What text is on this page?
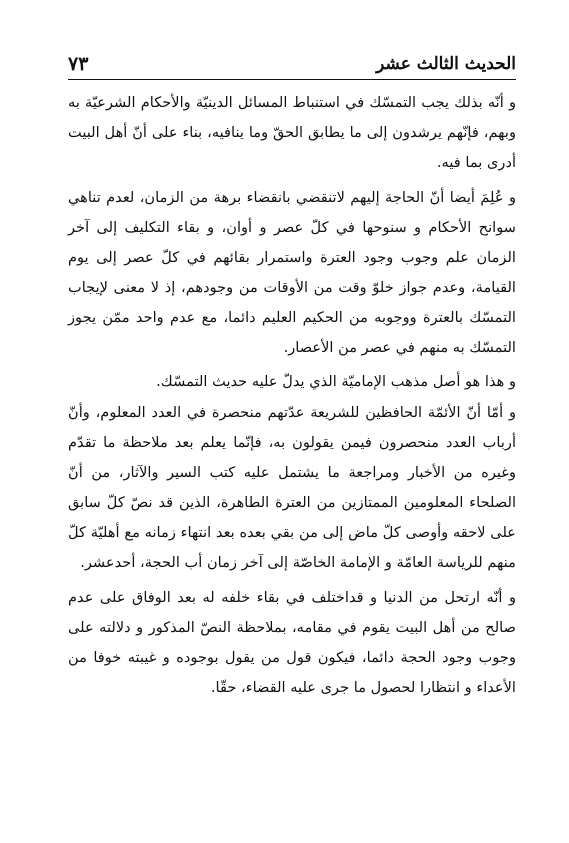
٧٣	الحديث الثالث عشر

و أنّه بذلك يجب التمسّك في استنباط المسائل الدينيّة والأحكام الشرعيّة به وبهم، فإنّهم يرشدون إلى ما يطابق الحقّ وما ينافيه، بناء على أنّ أهل البيت أدرى بما فيه.

و عُلِمَ أيضا أنّ الحاجة إليهم لاتنقضي بانقضاء برهة من الزمان، لعدم تناهي سوانح الأحكام و سنوحها في كلّ عصر و أوان، و بقاء التكليف إلى آخر الزمان علم وجوب وجود العترة واستمرار بقائهم في كلّ عصر إلى يوم القيامة، وعدم جواز خلوّ وقت من الأوقات من وجودهم، إذ لا معنى لإيجاب التمسّك بالعترة ووجوبه من الحكيم العليم دائما، مع عدم واحد ممّن يجوز التمسّك به منهم في عصر من الأعصار.

و هذا هو أصل مذهب الإماميّة الذي يدلّ عليه حديث التمسّك.

و أمّا أنّ الأئمّة الحافظين للشريعة عدّتهم منحصرة في العدد المعلوم، وأنّ أرباب العدد منحصرون فيمن يقولون به، فإنّما يعلم بعد ملاحظة ما تقدّم وغيره من الأخبار ومراجعة ما يشتمل عليه كتب السير والآثار، من أنّ الصلحاء المعلومين الممتازين من العترة الطاهرة، الذين قد نصّ كلّ سابق على لاحقه وأوصى كلّ ماض إلى من بقي بعده بعد انتهاء زمانه مع أهليّة كلّ منهم للرياسة العامّة و الإمامة الخاصّة إلى آخر زمان أب الحجة، أحدعشر.

و أنّه ارتحل من الدنيا و قداختلف في بقاء خلفه له بعد الوفاق على عدم صالح من أهل البيت يقوم في مقامه، بملاحظة النصّ المذكور و دلالته على وجوب وجود الحجة دائما، فيكون قول من يقول بوجوده و غيبته خوفا من الأعداء و انتظارا لحصول ما جرى عليه القضاء، حقّا.
